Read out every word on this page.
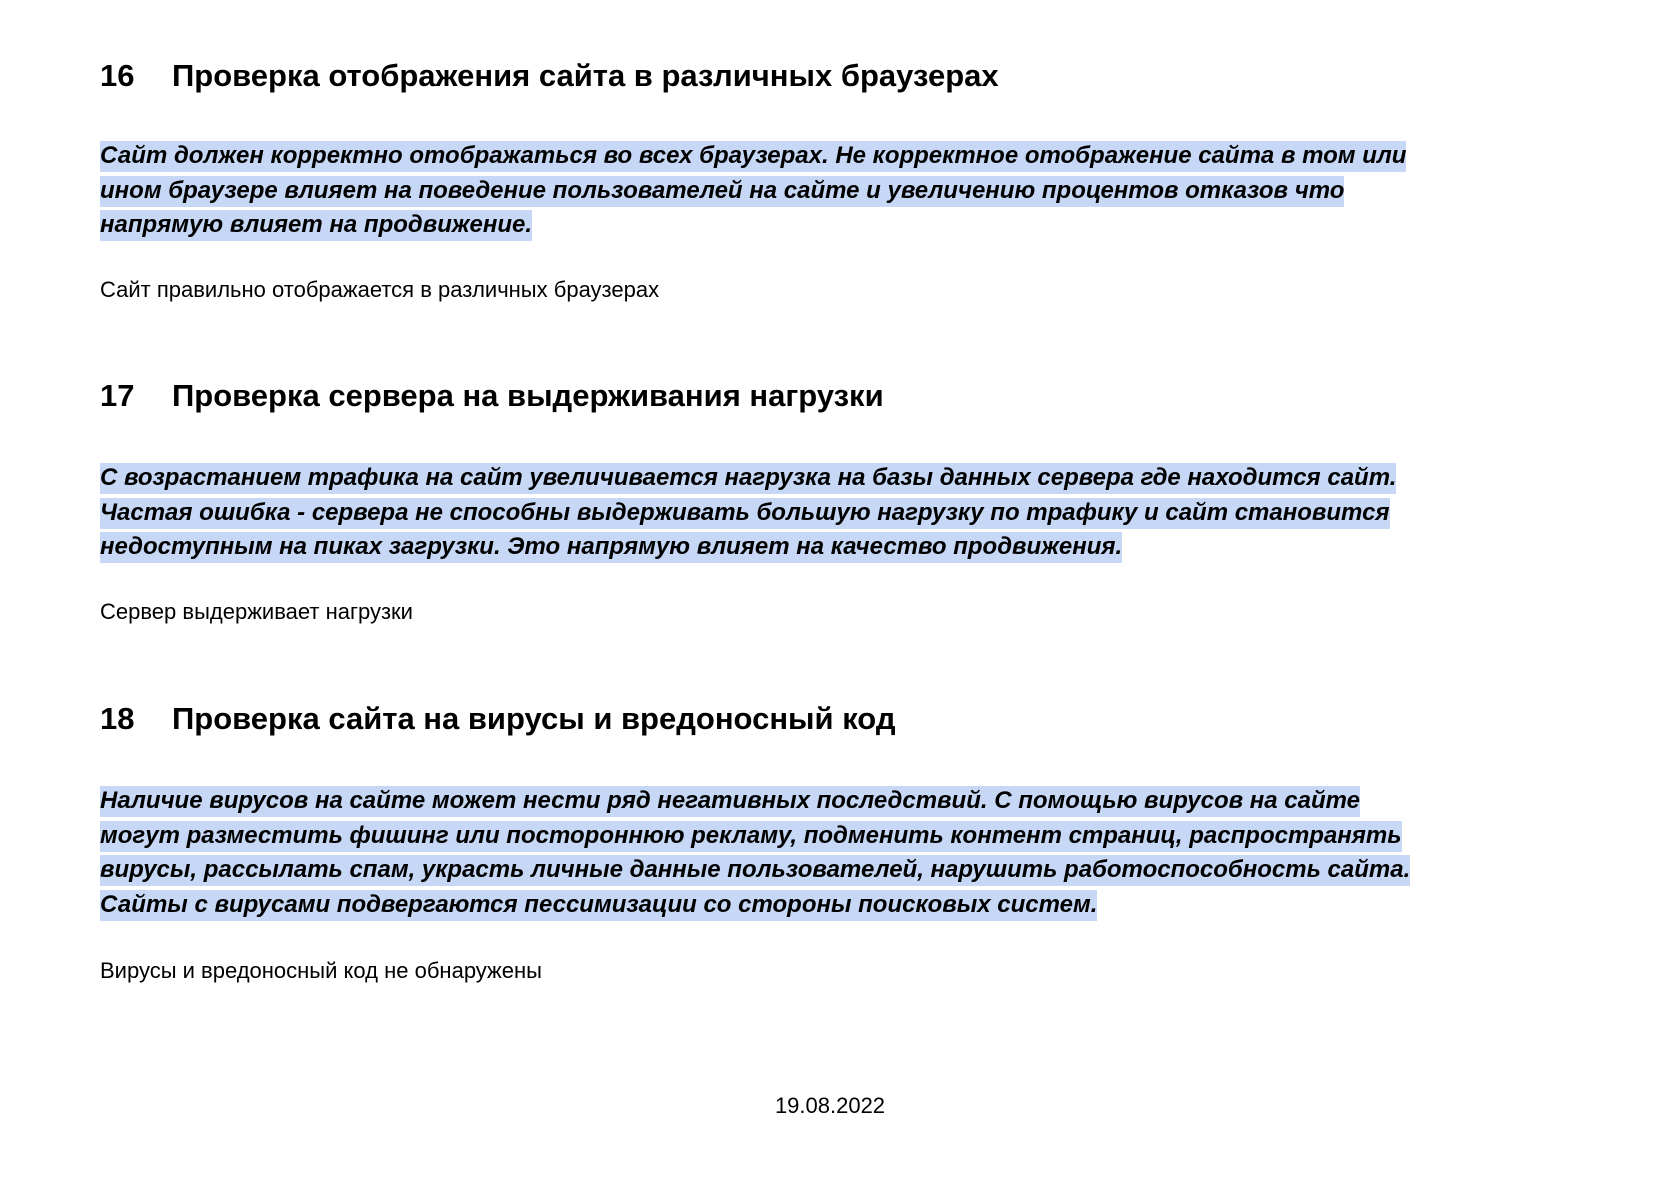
16	Проверка отображения сайта в различных браузерах

Сайт должен корректно отображаться во всех браузерах. Не корректное отображение сайта в том или
ином браузере влияет на поведение пользователей на сайте и увеличению процентов отказов что
напрямую влияет на продвижение.

Сайт правильно отображается в различных браузерах

17	Проверка сервера на выдерживания нагрузки

С возрастанием трафика на сайт увеличивается нагрузка на базы данных сервера где находится сайт.
Частая ошибка - сервера не способны выдерживать большую нагрузку по трафику и сайт становится
недоступным на пиках загрузки. Это напрямую влияет на качество продвижения.

Сервер выдерживает нагрузки

18	Проверка сайта на вирусы и вредоносный код

Наличие вирусов на сайте может нести ряд негативных последствий. С помощью вирусов на сайте
могут разместить фишинг или постороннюю рекламу, подменить контент страниц, распространять
вирусы, рассылать спам, украсть личные данные пользователей, нарушить работоспособность сайта.
Сайты с вирусами подвергаются пессимизации со стороны поисковых систем.

Вирусы и вредоносный код не обнаружены

19.08.2022
